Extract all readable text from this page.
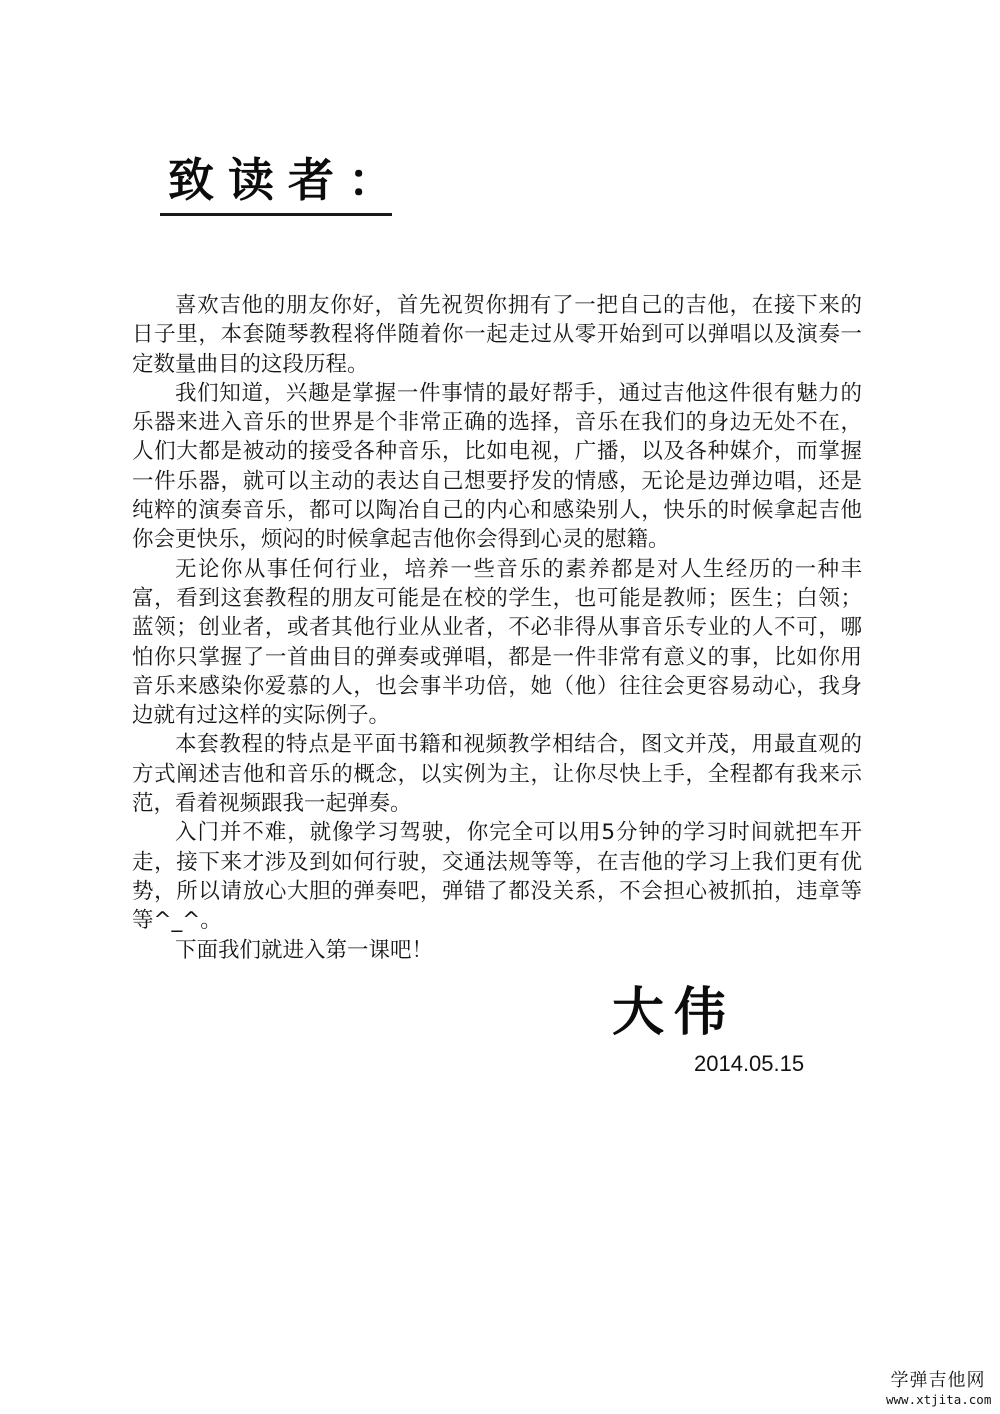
致读者：

喜欢吉他的朋友你好，首先祝贺你拥有了一把自己的吉他，在接下来的日子里，本套随琴教程将伴随着你一起走过从零开始到可以弹唱以及演奏一定数量曲目的这段历程。

我们知道，兴趣是掌握一件事情的最好帮手，通过吉他这件很有魅力的乐器来进入音乐的世界是个非常正确的选择，音乐在我们的身边无处不在，人们大都是被动的接受各种音乐，比如电视，广播，以及各种媒介，而掌握一件乐器，就可以主动的表达自己想要抒发的情感，无论是边弹边唱，还是纯粹的演奏音乐，都可以陶冶自己的内心和感染别人，快乐的时候拿起吉他你会更快乐，烦闷的时候拿起吉他你会得到心灵的慰籍。

无论你从事任何行业，培养一些音乐的素养都是对人生经历的一种丰富，看到这套教程的朋友可能是在校的学生，也可能是教师；医生；白领；蓝领；创业者，或者其他行业从业者，不必非得从事音乐专业的人不可，哪怕你只掌握了一首曲目的弹奏或弹唱，都是一件非常有意义的事，比如你用音乐来感染你爱慕的人，也会事半功倍，她（他）往往会更容易动心，我身边就有过这样的实际例子。

本套教程的特点是平面书籍和视频教学相结合，图文并茂，用最直观的方式阐述吉他和音乐的概念，以实例为主，让你尽快上手，全程都有我来示范，看着视频跟我一起弹奏。

入门并不难，就像学习驾驶，你完全可以用5分钟的学习时间就把车开走，接下来才涉及到如何行驶，交通法规等等，在吉他的学习上我们更有优势，所以请放心大胆的弹奏吧，弹错了都没关系，不会担心被抓拍，违章等等^_^。

下面我们就进入第一课吧！

大伟
2014.05.15
学弹吉他网
www.xtjita.com
